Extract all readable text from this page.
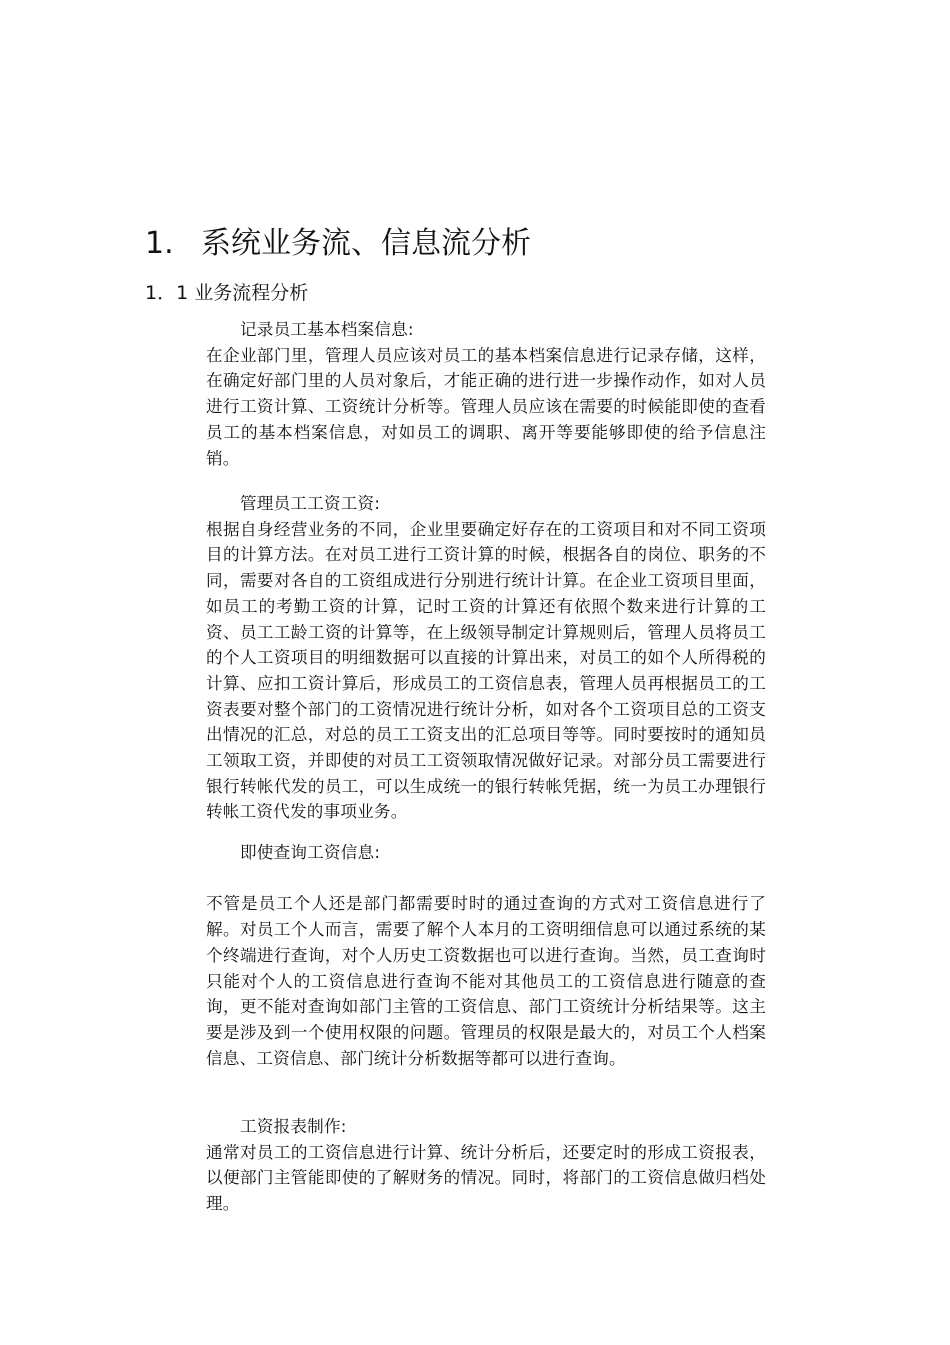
1. 系统业务流、信息流分析
1．1 业务流程分析
记录员工基本档案信息:

在企业部门里，管理人员应该对员工的基本档案信息进行记录存储，这样，在确定好部门里的人员对象后，才能正确的进行进一步操作动作，如对人员进行工资计算、工资统计分析等。管理人员应该在需要的时候能即使的查看员工的基本档案信息，对如员工的调职、离开等要能够即使的给予信息注销。

管理员工工资工资:

根据自身经营业务的不同，企业里要确定好存在的工资项目和对不同工资项目的计算方法。在对员工进行工资计算的时候，根据各自的岗位、职务的不同，需要对各自的工资组成进行分别进行统计计算。在企业工资项目里面，如员工的考勤工资的计算，记时工资的计算还有依照个数来进行计算的工资、员工工龄工资的计算等，在上级领导制定计算规则后，管理人员将员工的个人工资项目的明细数据可以直接的计算出来，对员工的如个人所得税的计算、应扣工资计算后，形成员工的工资信息表，管理人员再根据员工的工资表要对整个部门的工资情况进行统计分析，如对各个工资项目总的工资支出情况的汇总，对总的员工工资支出的汇总项目等等。同时要按时的通知员工领取工资，并即使的对员工工资领取情况做好记录。对部分员工需要进行银行转帐代发的员工，可以生成统一的银行转帐凭据，统一为员工办理银行转帐工资代发的事项业务。

即使查询工资信息:

不管是员工个人还是部门都需要时时的通过查询的方式对工资信息进行了解。对员工个人而言，需要了解个人本月的工资明细信息可以通过系统的某个终端进行查询，对个人历史工资数据也可以进行查询。当然，员工查询时只能对个人的工资信息进行查询不能对其他员工的工资信息进行随意的查询，更不能对查询如部门主管的工资信息、部门工资统计分析结果等。这主要是涉及到一个使用权限的问题。管理员的权限是最大的，对员工个人档案信息、工资信息、部门统计分析数据等都可以进行查询。

工资报表制作:

通常对员工的工资信息进行计算、统计分析后，还要定时的形成工资报表，以便部门主管能即使的了解财务的情况。同时，将部门的工资信息做归档处理。
